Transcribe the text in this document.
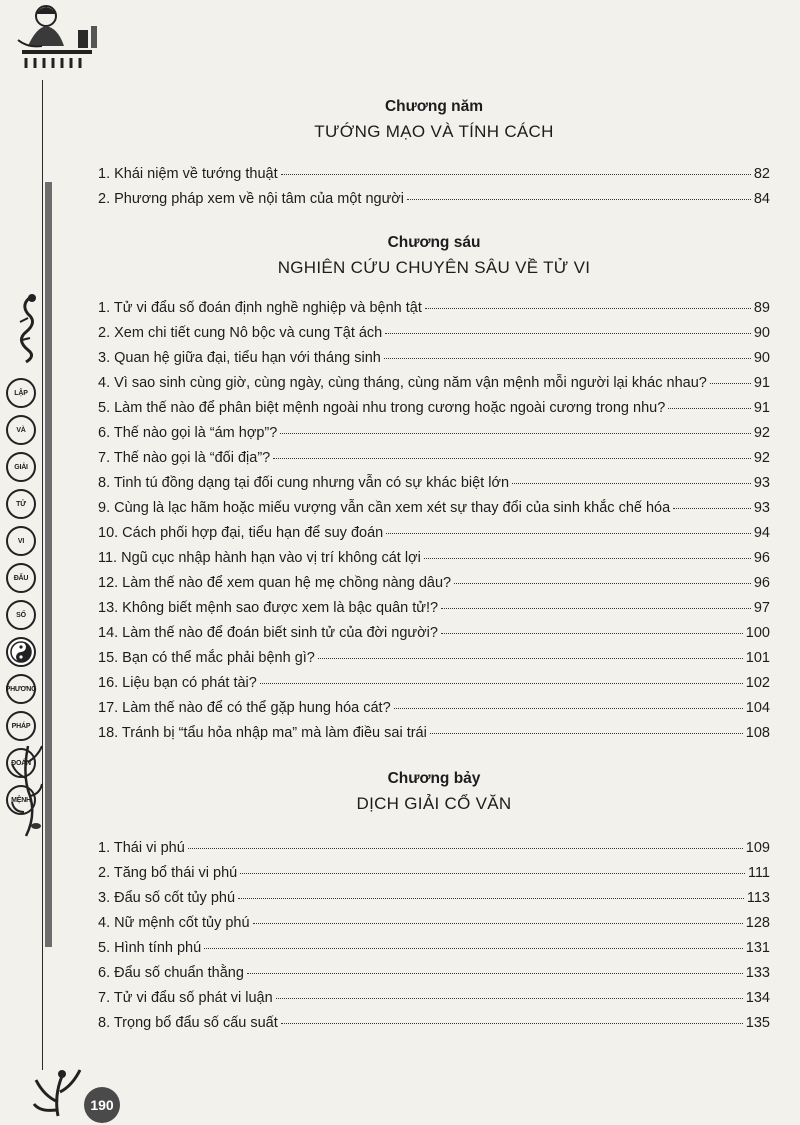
LẬP
VÀ
GIẢI
TỬ
VI
ĐẨU
SỐ
PHƯƠNG
PHÁP
ĐOÁN
MỆNH
190
Chương năm
TƯỚNG MẠO VÀ TÍNH CÁCH
1. Khái niệm về tướng thuật	82
2. Phương pháp xem về nội tâm của một người	84
Chương sáu
NGHIÊN CỨU CHUYÊN SÂU VỀ TỬ VI
1. Tử vi đẩu số đoán định nghề nghiệp và bệnh tật	89
2. Xem chi tiết cung Nô bộc và cung Tật ách	90
3. Quan hệ giữa đại, tiểu hạn với tháng sinh	90
4. Vì sao sinh cùng giờ, cùng ngày, cùng tháng, cùng năm vận mệnh mỗi người lại khác nhau?	91
5. Làm thế nào để phân biệt mệnh ngoài nhu trong cương hoặc ngoài cương trong nhu?	91
6. Thế nào gọi là “ám hợp”?	92
7. Thế nào gọi là “đối địa”?	92
8. Tinh tú đồng dạng tại đối cung nhưng vẫn có sự khác biệt lớn	93
9. Cùng là lạc hãm hoặc miếu vượng vẫn cần xem xét sự thay đổi của sinh khắc chế hóa	93
10. Cách phối hợp đại, tiểu hạn để suy đoán	94
11. Ngũ cục nhập hành hạn vào vị trí không cát lợi	96
12. Làm thế nào để xem quan hệ mẹ chồng nàng dâu?	96
13. Không biết mệnh sao được xem là bậc quân tử!?	97
14. Làm thế nào để đoán biết sinh tử của đời người?	100
15. Bạn có thể mắc phải bệnh gì?	101
16. Liệu bạn có phát tài?	102
17. Làm thế nào để có thể gặp hung hóa cát?	104
18. Tránh bị “tẩu hỏa nhập ma” mà làm điều sai trái	108
Chương bảy
DỊCH GIẢI CỔ VĂN
1. Thái vi phú	109
2. Tăng bổ thái vi phú	111
3. Đẩu số cốt tủy phú	113
4. Nữ mệnh cốt tủy phú	128
5. Hình tính phú	131
6. Đẩu số chuẩn thằng	133
7. Tử vi đẩu số phát vi luận	134
8. Trọng bổ đẩu số cấu suất	135
